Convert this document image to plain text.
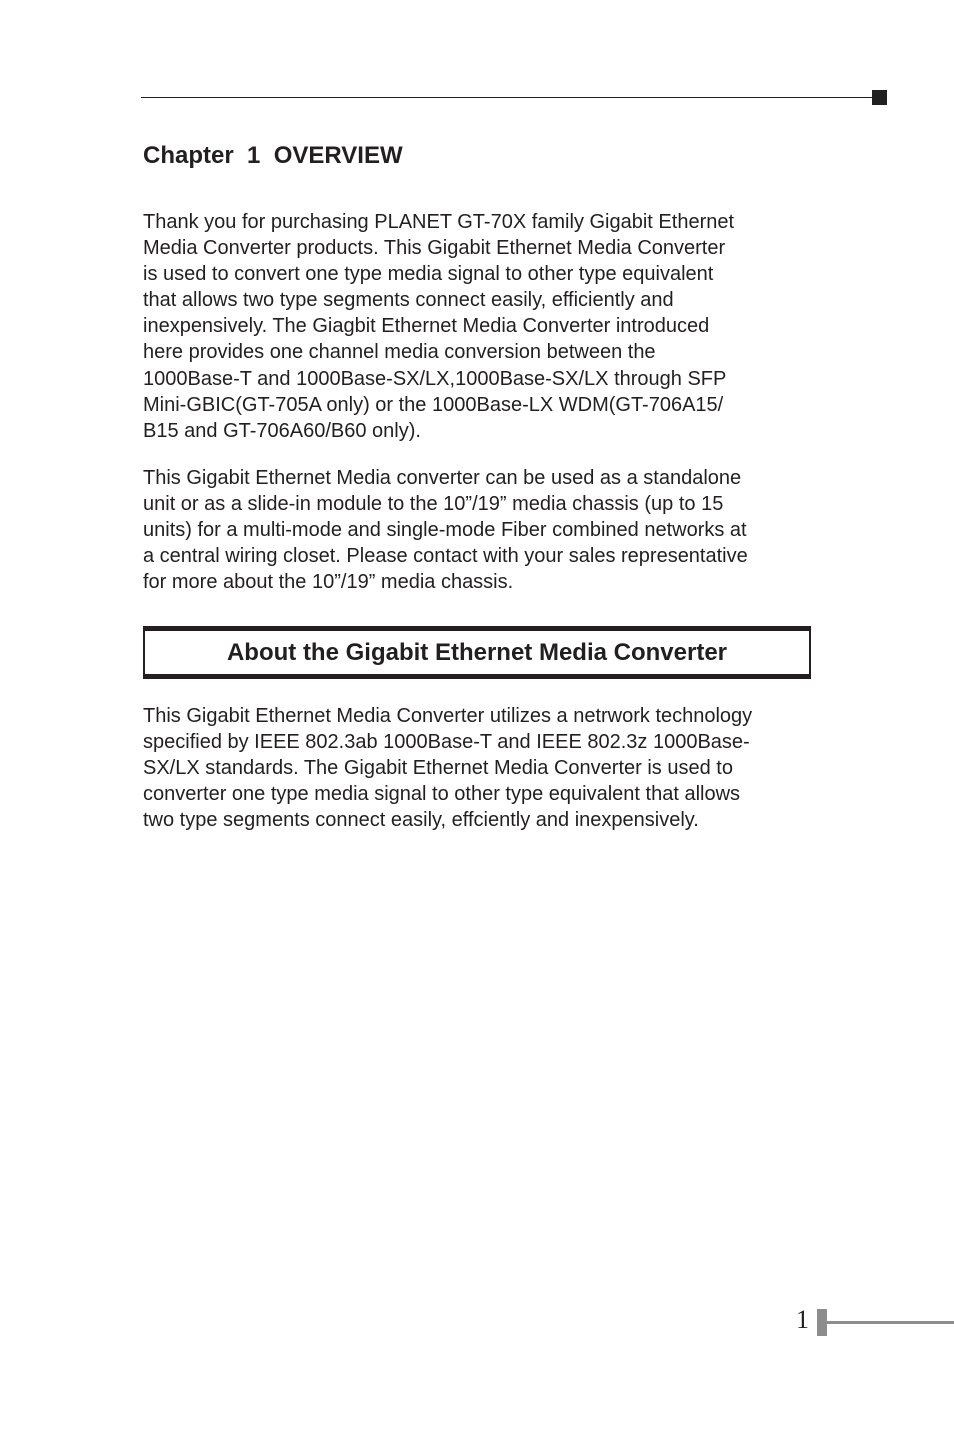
Chapter  1  OVERVIEW

Thank you for purchasing PLANET GT-70X family Gigabit Ethernet
Media Converter products. This Gigabit Ethernet Media Converter
is used to convert one type media signal to other type equivalent
that allows two type segments connect easily, efficiently and
inexpensively. The Giagbit Ethernet Media Converter introduced
here provides one channel media conversion between the
1000Base-T and 1000Base-SX/LX,1000Base-SX/LX through SFP
Mini-GBIC(GT-705A only) or the 1000Base-LX WDM(GT-706A15/
B15 and GT-706A60/B60 only).

This Gigabit Ethernet Media converter can be used as a standalone
unit or as a slide-in module to the 10”/19” media chassis (up to 15
units) for a multi-mode and single-mode Fiber combined networks at
a central wiring closet. Please contact with your sales representative
for more about the 10”/19” media chassis.

About the Gigabit Ethernet Media Converter

This Gigabit Ethernet Media Converter utilizes a netrwork technology
specified by IEEE 802.3ab 1000Base-T and IEEE 802.3z 1000Base-
SX/LX standards. The Gigabit Ethernet Media Converter is used to
converter one type media signal to other type equivalent that allows
two type segments connect easily, effciently and inexpensively.

1
